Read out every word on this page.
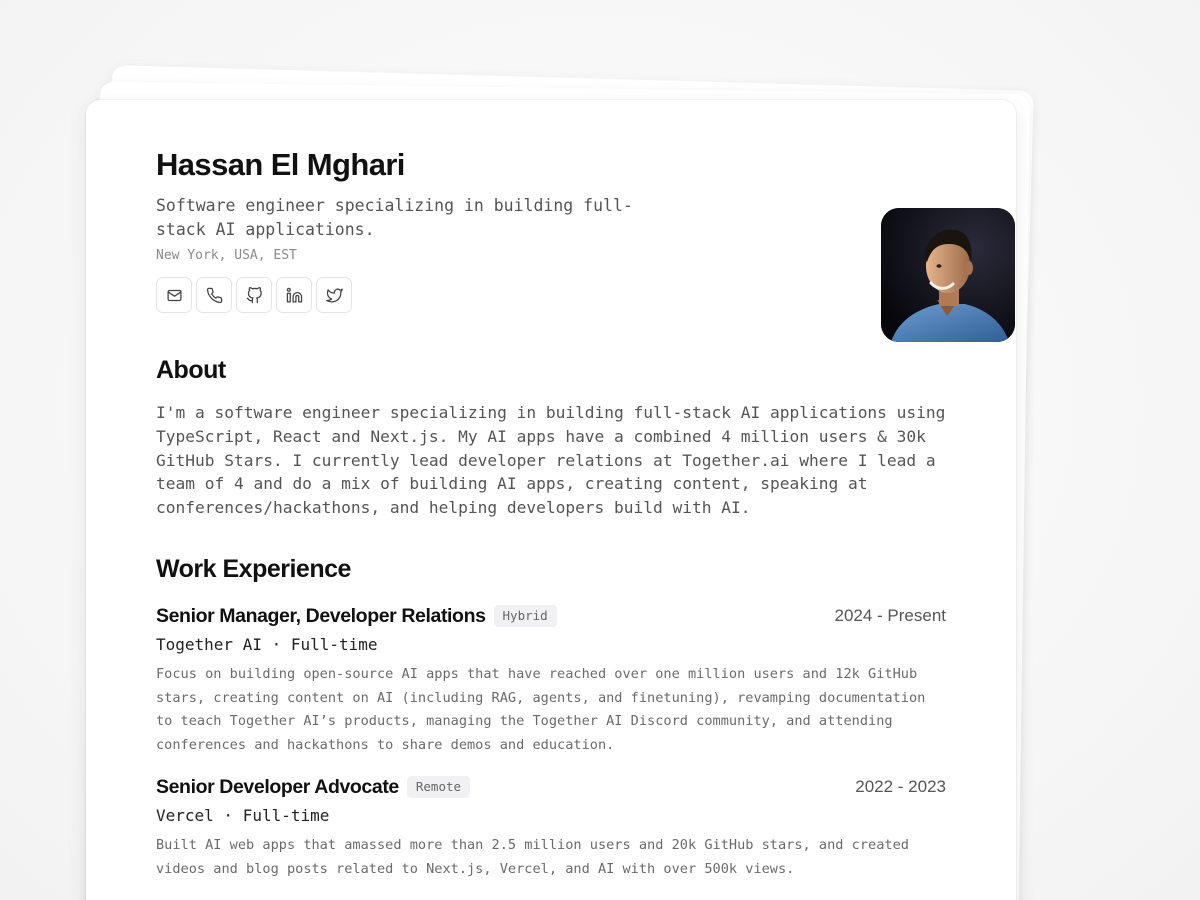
Hassan El Mghari

Software engineer specializing in building full-stack AI applications.

New York, USA, EST
About

I'm a software engineer specializing in building full-stack AI applications using TypeScript, React and Next.js. My AI apps have a combined 4 million users & 30k GitHub Stars. I currently lead developer relations at Together.ai where I lead a team of 4 and do a mix of building AI apps, creating content, speaking at conferences/hackathons, and helping developers build with AI.

Work Experience
Senior Manager, Developer Relations	Hybrid	2024 - Present
Together AI · Full-time
Focus on building open-source AI apps that have reached over one million users and 12k GitHub stars, creating content on AI (including RAG, agents, and finetuning), revamping documentation to teach Together AI’s products, managing the Together AI Discord community, and attending conferences and hackathons to share demos and education.
Senior Developer Advocate	Remote	2022 - 2023
Vercel · Full-time
Built AI web apps that amassed more than 2.5 million users and 20k GitHub stars, and created videos and blog posts related to Next.js, Vercel, and AI with over 500k views.
